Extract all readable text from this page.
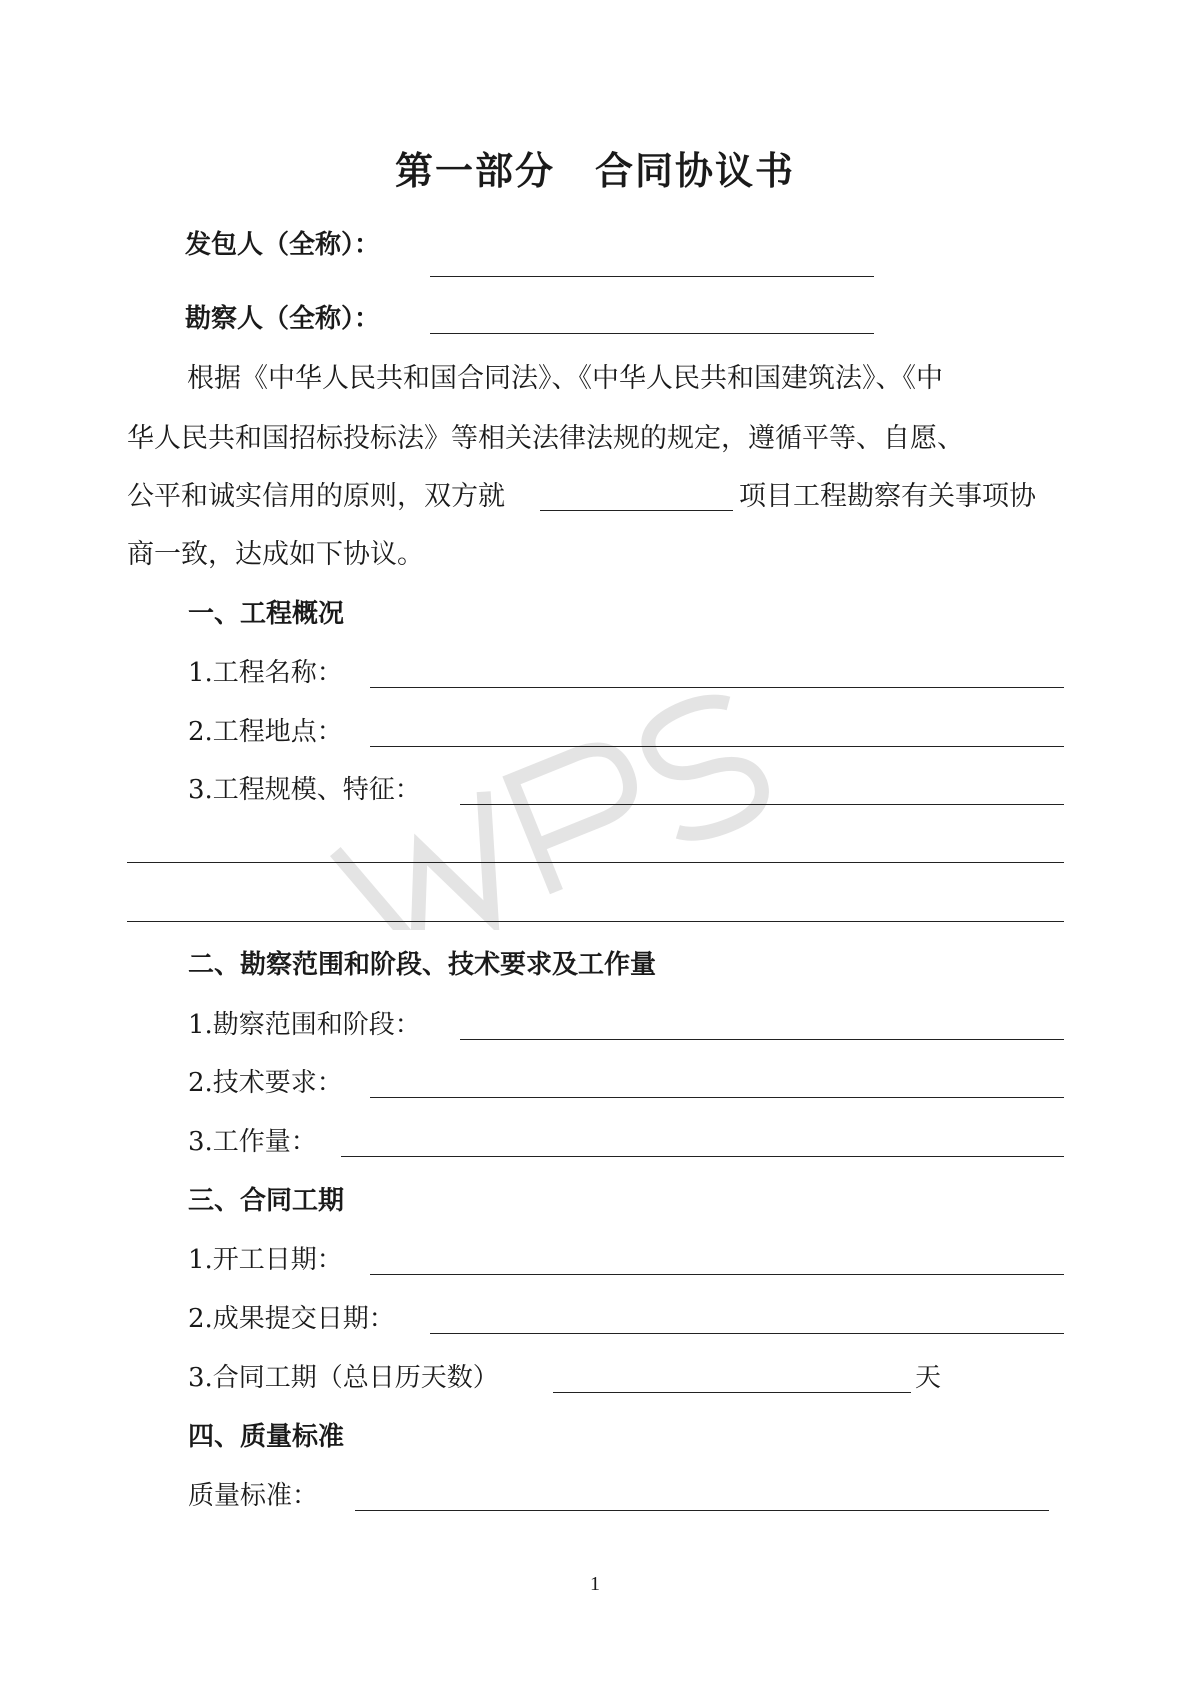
第一部分　合同协议书
发包人（全称）：
勘察人（全称）：
根据《中华人民共和国合同法》、《中华人民共和国建筑法》、《中
华人民共和国招标投标法》等相关法律法规的规定，遵循平等、自愿、
公平和诚实信用的原则，双方就	项目工程勘察有关事项协
商一致，达成如下协议。
一、工程概况
1.工程名称：
2.工程地点：
3.工程规模、特征：
二、勘察范围和阶段、技术要求及工作量
1.勘察范围和阶段：
2.技术要求：
3.工作量：
三、合同工期
1.开工日期：
2.成果提交日期：
3.合同工期（总日历天数）	天
四、质量标准
质量标准：
1
